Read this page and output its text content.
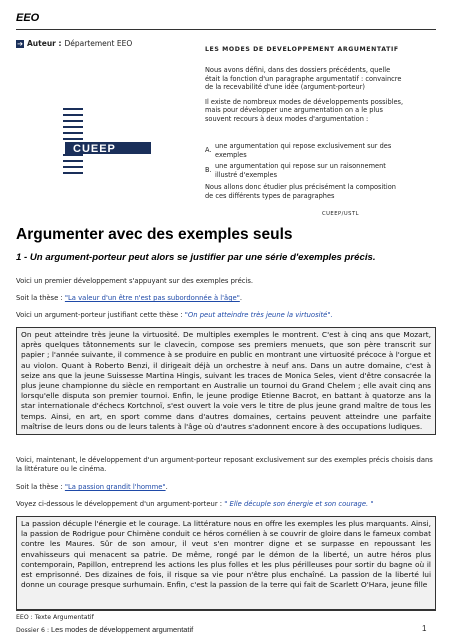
EEO
➔ Auteur : Département EEO
CUEEP
LES MODES DE DEVELOPPEMENT ARGUMENTATIF

Nous avons défini, dans des dossiers précédents, quelle était la fonction d'un paragraphe argumentatif : convaincre de la recevabilité d'une idée (argument-porteur)

Il existe de nombreux modes de développements possibles, mais pour développer une argumentation on a le plus souvent recours à deux modes d'argumentation :

A. une argumentation qui repose exclusivement sur des exemples
B. une argumentation qui repose sur un raisonnement illustré d'exemples
Nous allons donc étudier plus précisément la composition de ces différents types de paragraphes
CUEEP/USTL
Argumenter avec des exemples seuls
1 - Un argument-porteur peut alors se justifier par une série d'exemples précis.
Voici un premier développement s'appuyant sur des exemples précis.
Soit la thèse : "La valeur d'un être n'est pas subordonnée à l'âge".
Voici un argument-porteur justifiant cette thèse : "On peut atteindre très jeune la virtuosité".
On peut atteindre très jeune la virtuosité. De multiples exemples le montrent. C'est à cinq ans que Mozart, après quelques tâtonnements sur le clavecin, compose ses premiers menuets, que son père transcrit sur papier ; l'année suivante, il commence à se produire en public en montrant une virtuosité précoce à l'orgue et au violon. Quant à Roberto Benzi, il dirigeait déjà un orchestre à neuf ans. Dans un autre domaine, c'est à seize ans que la jeune Suissesse Martina Hingis, suivant les traces de Monica Seles, vient d'être consacrée la plus jeune championne du siècle en remportant en Australie un tournoi du Grand Chelem ; elle avait cinq ans lorsqu'elle disputa son premier tournoi. Enfin, le jeune prodige Etienne Bacrot, en battant à quatorze ans la star internationale d'échecs Kortchnoï, s'est ouvert la voie vers le titre de plus jeune grand maître de tous les temps. Ainsi, en art, en sport comme dans d'autres domaines, certains peuvent atteindre une parfaite maîtrise de leurs dons ou de leurs talents à l'âge où d'autres s'adonnent encore à des occupations ludiques.
Voici, maintenant, le développement d'un argument-porteur reposant exclusivement sur des exemples précis choisis dans la littérature ou le cinéma.
Soit la thèse : "La passion grandit l'homme".
Voyez ci-dessous le développement d'un argument-porteur : " Elle décuple son énergie et son courage. "
La passion décuple l'énergie et le courage. La littérature nous en offre les exemples les plus marquants. Ainsi, la passion de Rodrigue pour Chimène conduit ce héros cornélien à se couvrir de gloire dans le fameux combat contre les Maures. Sûr de son amour, il veut s'en montrer digne et se surpasse en repoussant les envahisseurs qui menacent sa patrie. De même, rongé par le démon de la liberté, un autre héros plus contemporain, Papillon, entreprend les actions les plus folles et les plus périlleuses pour sortir du bagne où il est emprisonné. Des dizaines de fois, il risque sa vie pour n'être plus enchaîné. La passion de la liberté lui donne un courage presque surhumain. Enfin, c'est la passion de la terre qui fait de Scarlett O'Hara, jeune fille
EEO : Texte Argumentatif
Dossier 6 : Les modes de développement argumentatif	1
